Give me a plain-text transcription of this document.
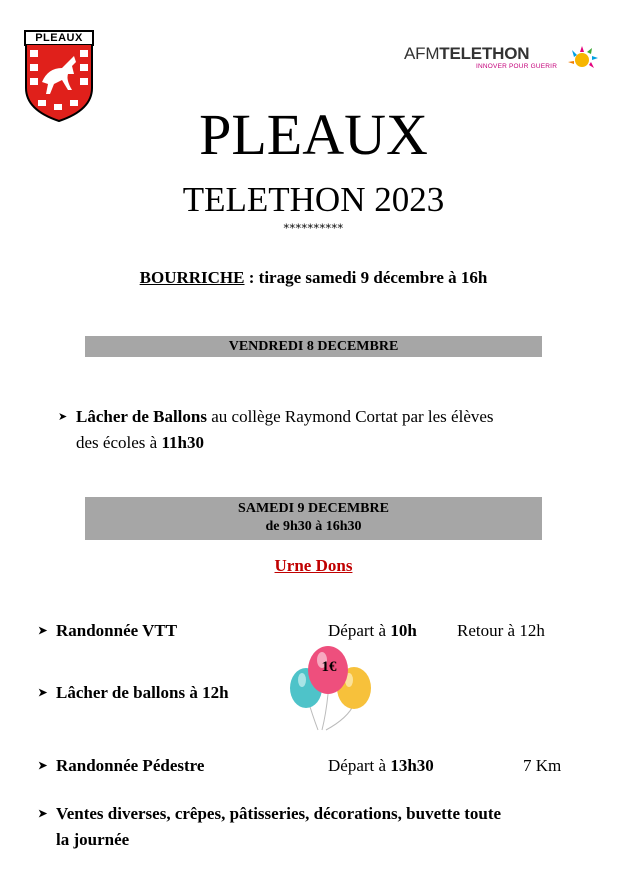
PLEAUX
AFMTELETHON
INNOVER POUR GUERIR
PLEAUX
TELETHON 2023
**********
BOURRICHE : tirage samedi 9 décembre à 16h
VENDREDI 8 DECEMBRE
➤ Lâcher de Ballons au collège Raymond Cortat par les élèves
des écoles à 11h30
SAMEDI 9 DECEMBRE
de 9h30 à 16h30
Urne Dons
➤ Randonnée VTT	Départ à 10h Retour à 12h
➤ Lâcher de ballons à 12h
1€
➤ Randonnée Pédestre	Départ à 13h30	7 Km
➤ Ventes diverses, crêpes, pâtisseries, décorations, buvette toute
la journée
